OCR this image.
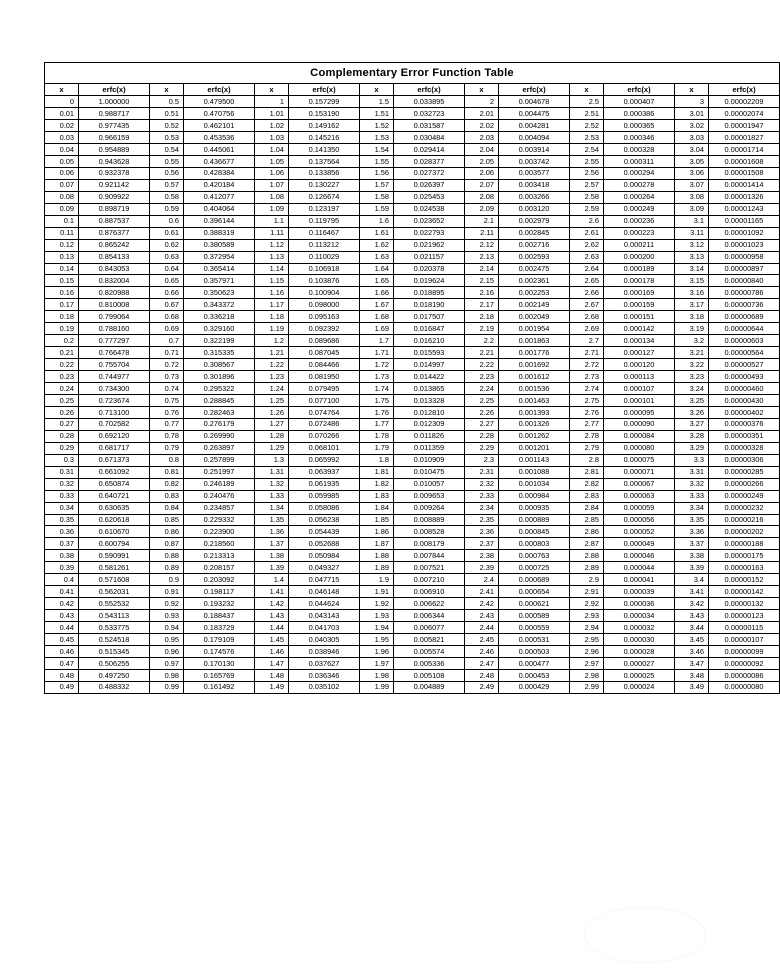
Complementary Error Function Table
x	erfc(x)	x	erfc(x)	x	erfc(x)	x	erfc(x)	x	erfc(x)	x	erfc(x)	x	erfc(x)
0	1.000000	0.5	0.479500	1	0.157299	1.5	0.033895	2	0.004678	2.5	0.000407	3	0.00002209
0.01	0.988717	0.51	0.470756	1.01	0.153190	1.51	0.032723	2.01	0.004475	2.51	0.000386	3.01	0.00002074
0.02	0.977435	0.52	0.462101	1.02	0.149162	1.52	0.031587	2.02	0.004281	2.52	0.000365	3.02	0.00001947
0.03	0.966159	0.53	0.453536	1.03	0.145216	1.53	0.030484	2.03	0.004094	2.53	0.000346	3.03	0.00001827
0.04	0.954889	0.54	0.445061	1.04	0.141350	1.54	0.029414	2.04	0.003914	2.54	0.000328	3.04	0.00001714
0.05	0.943628	0.55	0.436677	1.05	0.137564	1.55	0.028377	2.05	0.003742	2.55	0.000311	3.05	0.00001608
0.06	0.932378	0.56	0.428384	1.06	0.133856	1.56	0.027372	2.06	0.003577	2.56	0.000294	3.06	0.00001508
0.07	0.921142	0.57	0.420184	1.07	0.130227	1.57	0.026397	2.07	0.003418	2.57	0.000278	3.07	0.00001414
0.08	0.909922	0.58	0.412077	1.08	0.126674	1.58	0.025453	2.08	0.003266	2.58	0.000264	3.08	0.00001326
0.09	0.898719	0.59	0.404064	1.09	0.123197	1.59	0.024538	2.09	0.003120	2.59	0.000249	3.09	0.00001243
0.1	0.887537	0.6	0.396144	1.1	0.119795	1.6	0.023652	2.1	0.002979	2.6	0.000236	3.1	0.00001165
0.11	0.876377	0.61	0.388319	1.11	0.116467	1.61	0.022793	2.11	0.002845	2.61	0.000223	3.11	0.00001092
0.12	0.865242	0.62	0.380589	1.12	0.113212	1.62	0.021962	2.12	0.002716	2.62	0.000211	3.12	0.00001023
0.13	0.854133	0.63	0.372954	1.13	0.110029	1.63	0.021157	2.13	0.002593	2.63	0.000200	3.13	0.00000958
0.14	0.843053	0.64	0.365414	1.14	0.106918	1.64	0.020378	2.14	0.002475	2.64	0.000189	3.14	0.00000897
0.15	0.832004	0.65	0.357971	1.15	0.103876	1.65	0.019624	2.15	0.002361	2.65	0.000178	3.15	0.00000840
0.16	0.820988	0.66	0.350623	1.16	0.100904	1.66	0.018895	2.16	0.002253	2.66	0.000169	3.16	0.00000786
0.17	0.810008	0.67	0.343372	1.17	0.098000	1.67	0.018190	2.17	0.002149	2.67	0.000159	3.17	0.00000736
0.18	0.799064	0.68	0.336218	1.18	0.095163	1.68	0.017507	2.18	0.002049	2.68	0.000151	3.18	0.00000689
0.19	0.788160	0.69	0.329160	1.19	0.092392	1.69	0.016847	2.19	0.001954	2.69	0.000142	3.19	0.00000644
0.2	0.777297	0.7	0.322199	1.2	0.089686	1.7	0.016210	2.2	0.001863	2.7	0.000134	3.2	0.00000603
0.21	0.766478	0.71	0.315335	1.21	0.087045	1.71	0.015593	2.21	0.001776	2.71	0.000127	3.21	0.00000564
0.22	0.755704	0.72	0.308567	1.22	0.084466	1.72	0.014997	2.22	0.001692	2.72	0.000120	3.22	0.00000527
0.23	0.744977	0.73	0.301896	1.23	0.081950	1.73	0.014422	2.23	0.001612	2.73	0.000113	3.23	0.00000493
0.24	0.734300	0.74	0.295322	1.24	0.079495	1.74	0.013865	2.24	0.001536	2.74	0.000107	3.24	0.00000460
0.25	0.723674	0.75	0.288845	1.25	0.077100	1.75	0.013328	2.25	0.001463	2.75	0.000101	3.25	0.00000430
0.26	0.713100	0.76	0.282463	1.26	0.074764	1.76	0.012810	2.26	0.001393	2.76	0.000095	3.26	0.00000402
0.27	0.702582	0.77	0.276179	1.27	0.072486	1.77	0.012309	2.27	0.001326	2.77	0.000090	3.27	0.00000376
0.28	0.692120	0.78	0.269990	1.28	0.070266	1.78	0.011826	2.28	0.001262	2.78	0.000084	3.28	0.00000351
0.29	0.681717	0.79	0.263897	1.29	0.068101	1.79	0.011359	2.29	0.001201	2.79	0.000080	3.29	0.00000328
0.3	0.671373	0.8	0.257899	1.3	0.065992	1.8	0.010909	2.3	0.001143	2.8	0.000075	3.3	0.00000306
0.31	0.661092	0.81	0.251997	1.31	0.063937	1.81	0.010475	2.31	0.001088	2.81	0.000071	3.31	0.00000285
0.32	0.650874	0.82	0.246189	1.32	0.061935	1.82	0.010057	2.32	0.001034	2.82	0.000067	3.32	0.00000266
0.33	0.640721	0.83	0.240476	1.33	0.059985	1.83	0.009653	2.33	0.000984	2.83	0.000063	3.33	0.00000249
0.34	0.630635	0.84	0.234857	1.34	0.058086	1.84	0.009264	2.34	0.000935	2.84	0.000059	3.34	0.00000232
0.35	0.620618	0.85	0.229332	1.35	0.056238	1.85	0.008889	2.35	0.000889	2.85	0.000056	3.35	0.00000216
0.36	0.610670	0.86	0.223900	1.36	0.054439	1.86	0.008528	2.36	0.000845	2.86	0.000052	3.36	0.00000202
0.37	0.600794	0.87	0.218560	1.37	0.052688	1.87	0.008179	2.37	0.000803	2.87	0.000049	3.37	0.00000188
0.38	0.590991	0.88	0.213313	1.38	0.050984	1.88	0.007844	2.38	0.000763	2.88	0.000046	3.38	0.00000175
0.39	0.581261	0.89	0.208157	1.39	0.049327	1.89	0.007521	2.39	0.000725	2.89	0.000044	3.39	0.00000163
0.4	0.571608	0.9	0.203092	1.4	0.047715	1.9	0.007210	2.4	0.000689	2.9	0.000041	3.4	0.00000152
0.41	0.562031	0.91	0.198117	1.41	0.046148	1.91	0.006910	2.41	0.000654	2.91	0.000039	3.41	0.00000142
0.42	0.552532	0.92	0.193232	1.42	0.044624	1.92	0.006622	2.42	0.000621	2.92	0.000036	3.42	0.00000132
0.43	0.543113	0.93	0.188437	1.43	0.043143	1.93	0.006344	2.43	0.000589	2.93	0.000034	3.43	0.00000123
0.44	0.533775	0.94	0.183729	1.44	0.041703	1.94	0.006077	2.44	0.000559	2.94	0.000032	3.44	0.00000115
0.45	0.524518	0.95	0.179109	1.45	0.040305	1.95	0.005821	2.45	0.000531	2.95	0.000030	3.45	0.00000107
0.46	0.515345	0.96	0.174576	1.46	0.038946	1.96	0.005574	2.46	0.000503	2.96	0.000028	3.46	0.00000099
0.47	0.506255	0.97	0.170130	1.47	0.037627	1.97	0.005336	2.47	0.000477	2.97	0.000027	3.47	0.00000092
0.48	0.497250	0.98	0.165769	1.48	0.036346	1.98	0.005108	2.48	0.000453	2.98	0.000025	3.48	0.00000086
0.49	0.488332	0.99	0.161492	1.49	0.035102	1.99	0.004889	2.49	0.000429	2.99	0.000024	3.49	0.00000080
